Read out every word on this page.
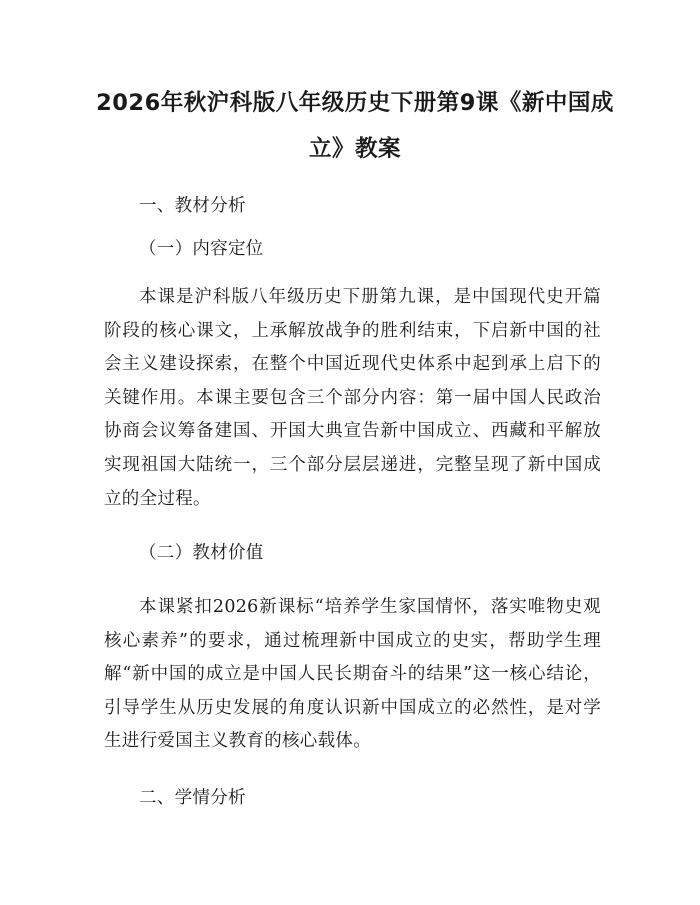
2026年秋沪科版八年级历史下册第9课《新中国成立》教案

一、教材分析

（一）内容定位

本课是沪科版八年级历史下册第九课，是中国现代史开篇阶段的核心课文，上承解放战争的胜利结束，下启新中国的社会主义建设探索，在整个中国近现代史体系中起到承上启下的关键作用。本课主要包含三个部分内容：第一届中国人民政治协商会议筹备建国、开国大典宣告新中国成立、西藏和平解放实现祖国大陆统一，三个部分层层递进，完整呈现了新中国成立的全过程。

（二）教材价值

本课紧扣2026新课标“培养学生家国情怀，落实唯物史观核心素养”的要求，通过梳理新中国成立的史实，帮助学生理解“新中国的成立是中国人民长期奋斗的结果”这一核心结论，引导学生从历史发展的角度认识新中国成立的必然性，是对学生进行爱国主义教育的核心载体。

二、学情分析
